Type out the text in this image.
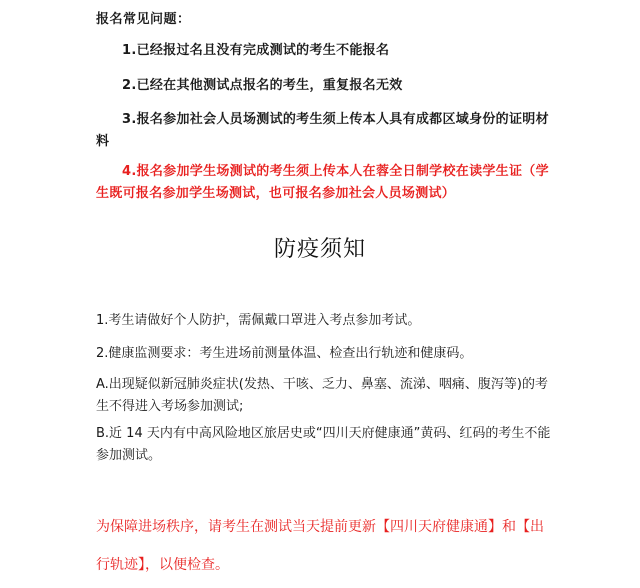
报名常见问题：
1.已经报过名且没有完成测试的考生不能报名
2.已经在其他测试点报名的考生，重复报名无效
3.报名参加社会人员场测试的考生须上传本人具有成都区域身份的证明材料
4.报名参加学生场测试的考生须上传本人在蓉全日制学校在读学生证（学生既可报名参加学生场测试，也可报名参加社会人员场测试）
防疫须知
1.考生请做好个人防护，需佩戴口罩进入考点参加考试。
2.健康监测要求：考生进场前测量体温、检查出行轨迹和健康码。
A.出现疑似新冠肺炎症状(发热、干咳、乏力、鼻塞、流涕、咽痛、腹泻等)的考生不得进入考场参加测试;
B.近 14 天内有中高风险地区旅居史或“四川天府健康通”黄码、红码的考生不能参加测试。
为保障进场秩序，请考生在测试当天提前更新【四川天府健康通】和【出行轨迹】，以便检查。
